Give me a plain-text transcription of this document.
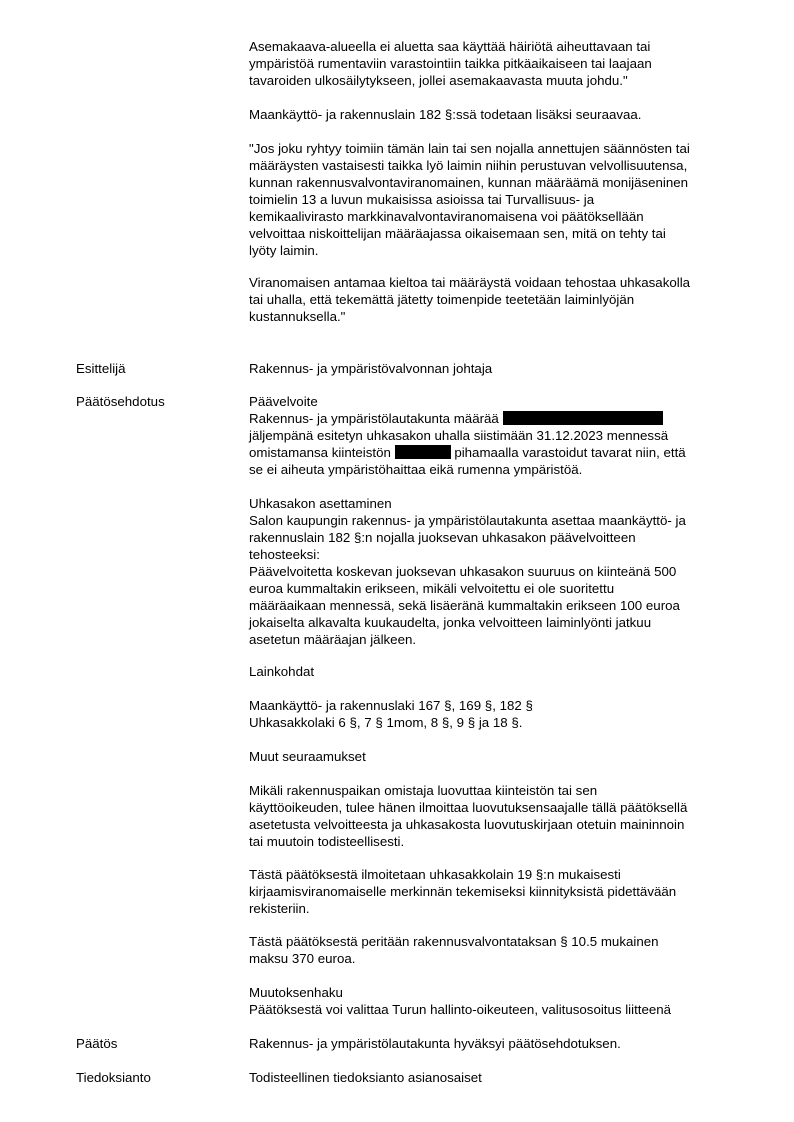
Asemakaava-alueella ei aluetta saa käyttää häiriötä aiheuttavaan tai
ympäristöä rumentaviin varastointiin taikka pitkäaikaiseen tai laajaan
tavaroiden ulkosäilytykseen, jollei asemakaavasta muuta johdu."

Maankäyttö- ja rakennuslain 182 §:ssä todetaan lisäksi seuraavaa.

"Jos joku ryhtyy toimiin tämän lain tai sen nojalla annettujen säännösten tai
määräysten vastaisesti taikka lyö laimin niihin perustuvan velvollisuutensa,
kunnan rakennusvalvontaviranomainen, kunnan määräämä monijäseninen
toimielin 13 a luvun mukaisissa asioissa tai Turvallisuus- ja
kemikaalivirasto markkinavalvontaviranomaisena voi päätöksellään
velvoittaa niskoittelijan määräajassa oikaisemaan sen, mitä on tehty tai
lyöty laimin.

Viranomaisen antamaa kieltoa tai määräystä voidaan tehostaa uhkasakolla
tai uhalla, että tekemättä jätetty toimenpide teetetään laiminlyöjän
kustannuksella."

Esittelijä	Rakennus- ja ympäristövalvonnan johtaja
Päätösehdotus	Päävelvoite
Rakennus- ja ympäristölautakunta määrää
jäljempänä esitetyn uhkasakon uhalla siistimään 31.12.2023 mennessä
omistamansa kiinteistön	pihamaalla varastoidut tavarat niin, että
se ei aiheuta ympäristöhaittaa eikä rumenna ympäristöä.

Uhkasakon asettaminen

Salon kaupungin rakennus- ja ympäristölautakunta asettaa maankäyttö- ja
rakennuslain 182 §:n nojalla juoksevan uhkasakon päävelvoitteen
tehosteeksi:
Päävelvoitetta koskevan juoksevan uhkasakon suuruus on kiinteänä 500
euroa kummaltakin erikseen, mikäli velvoitettu ei ole suoritettu
määräaikaan mennessä, sekä lisäeränä kummaltakin erikseen 100 euroa
jokaiselta alkavalta kuukaudelta, jonka velvoitteen laiminlyönti jatkuu
asetetun määräajan jälkeen.

Lainkohdat

Maankäyttö- ja rakennuslaki 167 §, 169 §, 182 §
Uhkasakkolaki 6 §, 7 § 1mom, 8 §, 9 § ja 18 §.

Muut seuraamukset

Mikäli rakennuspaikan omistaja luovuttaa kiinteistön tai sen
käyttöoikeuden, tulee hänen ilmoittaa luovutuksensaajalle tällä päätöksellä
asetetusta velvoitteesta ja uhkasakosta luovutuskirjaan otetuin maininnoin
tai muutoin todisteellisesti.

Tästä päätöksestä ilmoitetaan uhkasakkolain 19 §:n mukaisesti
kirjaamisviranomaiselle merkinnän tekemiseksi kiinnityksistä pidettävään
rekisteriin.

Tästä päätöksestä peritään rakennusvalvontataksan § 10.5 mukainen
maksu 370 euroa.

Muutoksenhaku

Päätöksestä voi valittaa Turun hallinto-oikeuteen, valitusosoitus liitteenä

Päätös	Rakennus- ja ympäristölautakunta hyväksyi päätösehdotuksen.
Tiedoksianto	Todisteellinen tiedoksianto asianosaiset
